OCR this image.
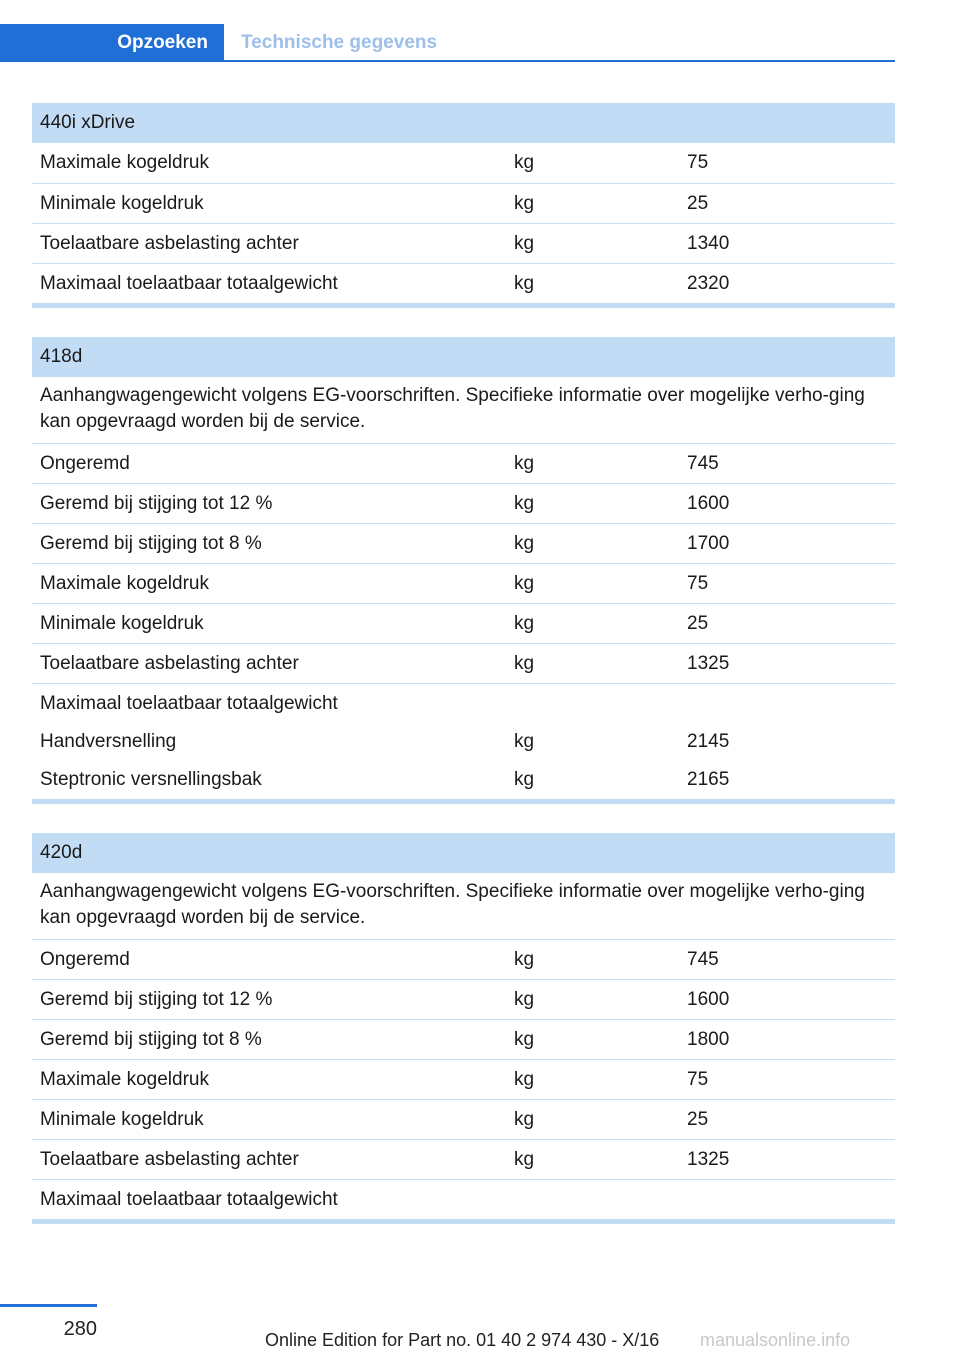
Opzoeken	Technische gegevens
440i xDrive
Maximale kogeldruk	kg	75
Minimale kogeldruk	kg	25
Toelaatbare asbelasting achter	kg	1340
Maximaal toelaatbaar totaalgewicht	kg	2320
418d
Aanhangwagengewicht volgens EG-voorschriften. Specifieke informatie over mogelijke verho-ging kan opgevraagd worden bij de service.
Ongeremd	kg	745
Geremd bij stijging tot 12 %	kg	1600
Geremd bij stijging tot 8 %	kg	1700
Maximale kogeldruk	kg	75
Minimale kogeldruk	kg	25
Toelaatbare asbelasting achter	kg	1325
Maximaal toelaatbaar totaalgewicht
Handversnelling	kg	2145
Steptronic versnellingsbak	kg	2165
420d
Aanhangwagengewicht volgens EG-voorschriften. Specifieke informatie over mogelijke verho-ging kan opgevraagd worden bij de service.
Ongeremd	kg	745
Geremd bij stijging tot 12 %	kg	1600
Geremd bij stijging tot 8 %	kg	1800
Maximale kogeldruk	kg	75
Minimale kogeldruk	kg	25
Toelaatbare asbelasting achter	kg	1325
Maximaal toelaatbaar totaalgewicht
280	Online Edition for Part no. 01 40 2 974 430 - X/16 manualsonline.info
